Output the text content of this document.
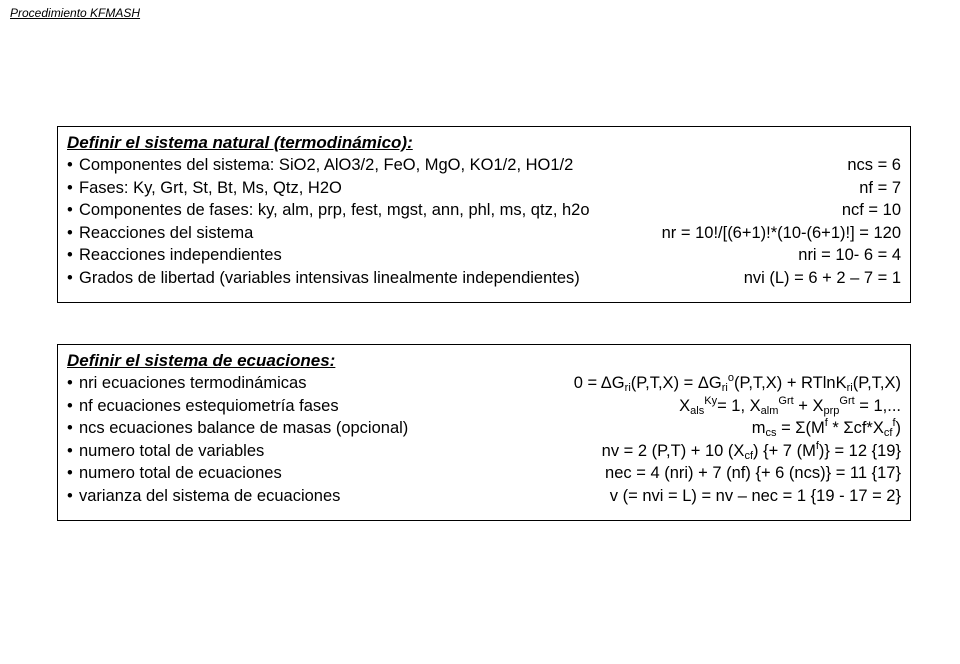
Procedimiento KFMASH
Definir el sistema natural (termodinámico):
• Componentes del sistema: SiO2, AlO3/2, FeO, MgO, KO1/2, HO1/2	ncs = 6
• Fases: Ky, Grt, St, Bt, Ms, Qtz, H2O	nf = 7
• Componentes de fases: ky, alm, prp, fest, mgst, ann, phl, ms, qtz, h2o	ncf = 10
• Reacciones del sistema	nr = 10!/[(6+1)!*(10-(6+1)!] = 120
• Reacciones independientes	nri = 10- 6 = 4
• Grados de libertad (variables intensivas linealmente independientes)	nvi (L) = 6 + 2 – 7 = 1
Definir el sistema de ecuaciones:
• nri ecuaciones termodinámicas	$0 = \Delta G_{ri}(P,T,X) = \Delta G_{ri}^o(P,T,X) + RTlnK_{ri}(P,T,X)$
• nf ecuaciones estequiometría fases	$X_{als}^{Ky}= 1$, $X_{alm}^{Grt} + X_{prp}^{Grt} = 1$,...
• ncs ecuaciones balance de masas (opcional)	$m_{cs} = \Sigma(M^f * \Sigma cf*X_{cf}^f)$
• numero total de variables	nv = 2 (P,T) + 10 $(X_{cf})$ {+ 7 $(M^f)\} = 12$ {19}
• numero total de ecuaciones	nec = 4 (nri) + 7 (nf) {+ 6 (ncs)} = 11 {17}
• varianza del sistema de ecuaciones	v (= nvi = L) = nv – nec = 1 {19 - 17 = 2}
